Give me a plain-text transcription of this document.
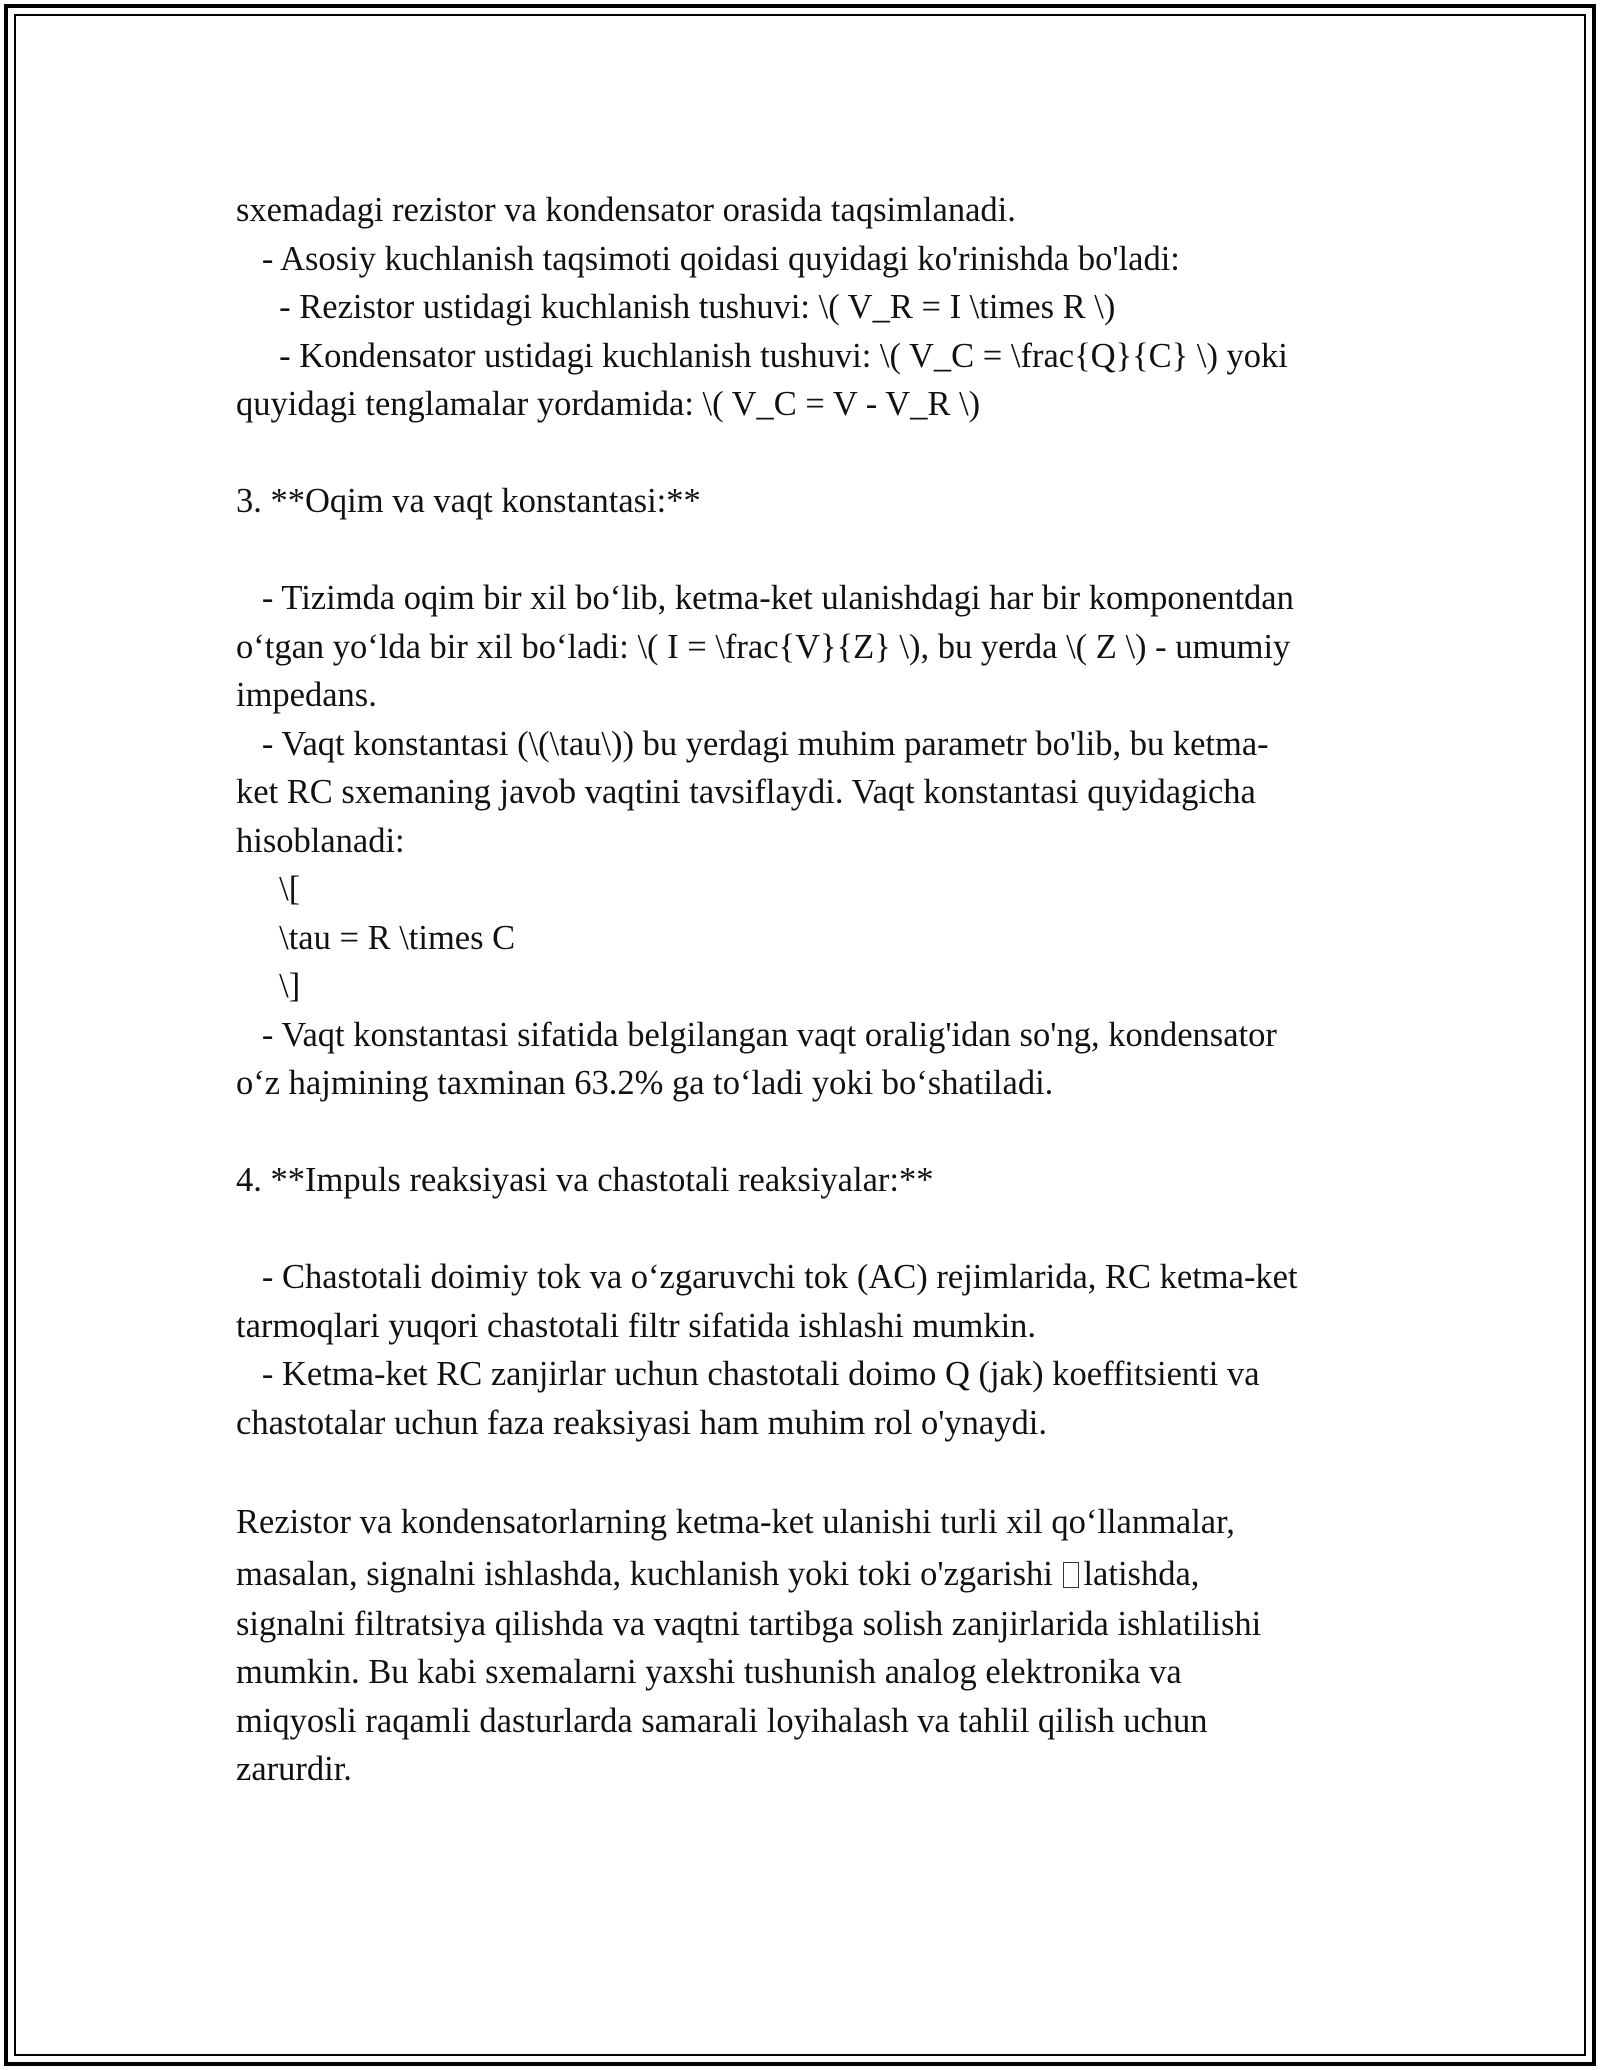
sxemadagi rezistor va kondensator orasida taqsimlanadi.
- Asosiy kuchlanish taqsimoti qoidasi quyidagi ko'rinishda bo'ladi:
- Rezistor ustidagi kuchlanish tushuvi: \( V_R = I \times R \)
- Kondensator ustidagi kuchlanish tushuvi: \( V_C = \frac{Q}{C} \) yoki
quyidagi tenglamalar yordamida: \( V_C = V - V_R \)
3. **Oqim va vaqt konstantasi:**
- Tizimda oqim bir xil bo‘lib, ketma-ket ulanishdagi har bir komponentdan
o‘tgan yo‘lda bir xil bo‘ladi: \( I = \frac{V}{Z} \), bu yerda \( Z \) - umumiy
impedans.
- Vaqt konstantasi (\(\tau\)) bu yerdagi muhim parametr bo'lib, bu ketma-
ket RC sxemaning javob vaqtini tavsiflaydi. Vaqt konstantasi quyidagicha
hisoblanadi:
\[
\tau = R \times C
\]
- Vaqt konstantasi sifatida belgilangan vaqt oralig'idan so'ng, kondensator
o‘z hajmining taxminan 63.2% ga to‘ladi yoki bo‘shatiladi.
4. **Impuls reaksiyasi va chastotali reaksiyalar:**
- Chastotali doimiy tok va o‘zgaruvchi tok (AC) rejimlarida, RC ketma-ket
tarmoqlari yuqori chastotali filtr sifatida ishlashi mumkin.
- Ketma-ket RC zanjirlar uchun chastotali doimo Q (jak) koeffitsienti va
chastotalar uchun faza reaksiyasi ham muhim rol o'ynaydi.
Rezistor va kondensatorlarning ketma-ket ulanishi turli xil qo‘llanmalar,
masalan, signalni ishlashda, kuchlanish yoki toki o'zgarishi latishda,
signalni filtratsiya qilishda va vaqtni tartibga solish zanjirlarida ishlatilishi
mumkin. Bu kabi sxemalarni yaxshi tushunish analog elektronika va
miqyosli raqamli dasturlarda samarali loyihalash va tahlil qilish uchun
zarurdir.
